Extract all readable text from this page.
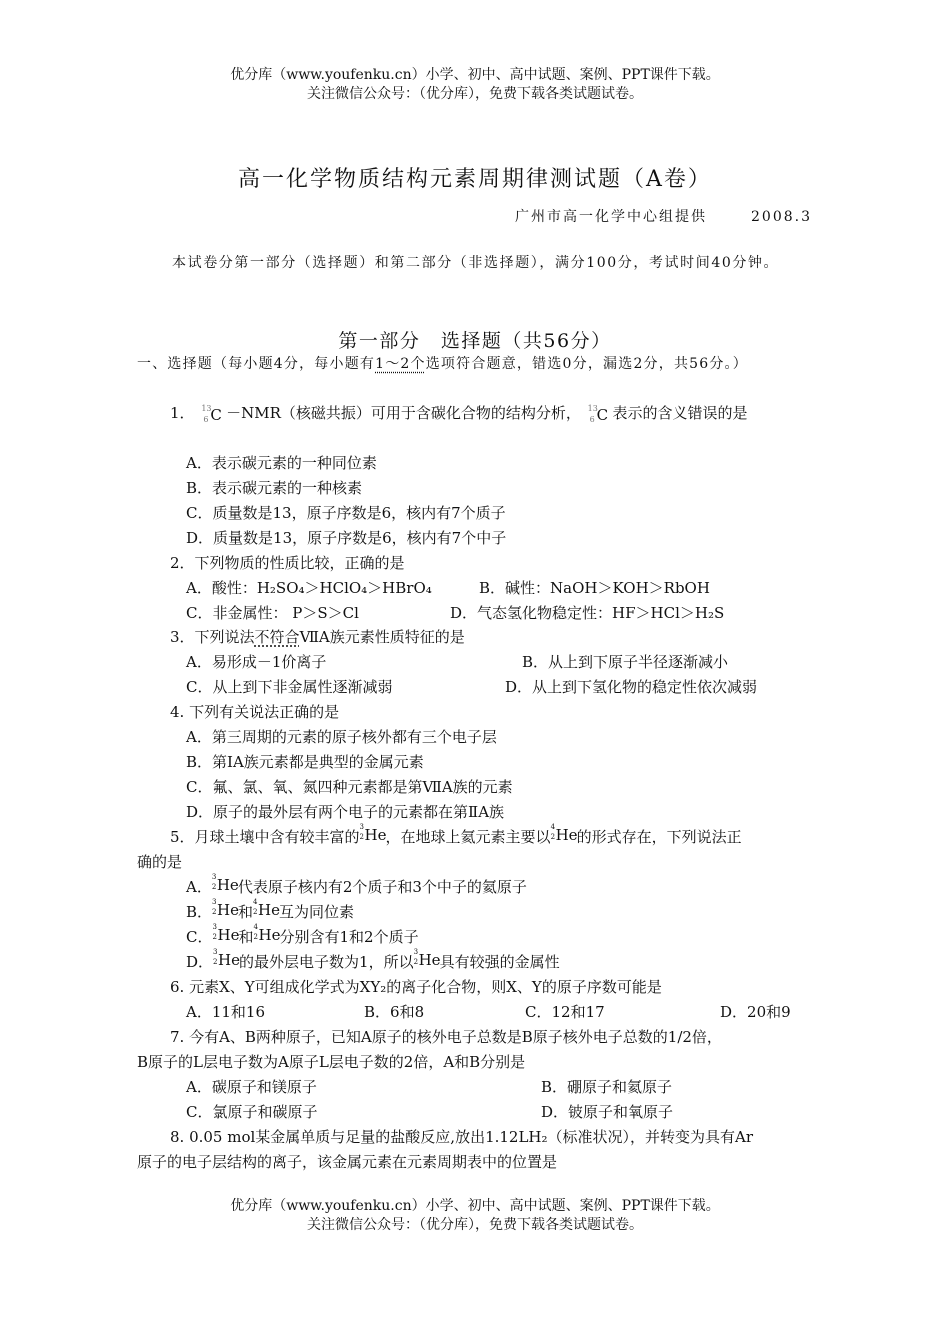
优分库（www.youfenku.cn）小学、初中、高中试题、案例、PPT课件下载。
关注微信公众号：（优分库），免费下载各类试题试卷。
高一化学物质结构元素周期律测试题（A卷）
广州市高一化学中心组提供	2008.3
本试卷分第一部分（选择题）和第二部分（非选择题），满分100分，考试时间40分钟。
第一部分　选择题（共56分）
一、选择题（每小题4分，每小题有1～2个选项符合题意，错选0分，漏选2分，共56分。）
1． 13
6 C －NMR（核磁共振）可用于含碳化合物的结构分析， 13
6 C 表示的含义错误的是
A．表示碳元素的一种同位素
B．表示碳元素的一种核素
C．质量数是13，原子序数是6，核内有7个质子
D．质量数是13，原子序数是6，核内有7个中子
2．下列物质的性质比较，正确的是
A．酸性：H₂SO₄＞HClO₄＞HBrO₄	B．碱性：NaOH＞KOH＞RbOH
C．非金属性： P＞S＞Cl	D．气态氢化物稳定性：HF＞HCl＞H₂S
3．下列说法不符合ⅦA族元素性质特征的是
A．易形成－1价离子	B．从上到下原子半径逐渐减小
C．从上到下非金属性逐渐减弱	D．从上到下氢化物的稳定性依次减弱
4. 下列有关说法正确的是
A．第三周期的元素的原子核外都有三个电子层
B．第ⅠA族元素都是典型的金属元素
C．氟、氯、氧、氮四种元素都是第ⅦA族的元素
D．原子的最外层有两个电子的元素都在第ⅡA族
5．月球土壤中含有较丰富的
3
2 He ，在地球上氦元素主要以
4
2 He 的形式存在，下列说法正
确的是
A．
3
2 He 代表原子核内有2个质子和3个中子的氦原子
B．
3
2 He 和
4
2 He 互为同位素
C．
3
2 He 和
4
2 He 分别含有1和2个质子
D．
3
2 He 的最外层电子数为1，所以
3
2 He 具有较强的金属性
6. 元素X、Y可组成化学式为XY₂的离子化合物，则X、Y的原子序数可能是
A．11和16	B．6和8	C．12和17	D．20和9
7. 今有A、B两种原子，已知A原子的核外电子总数是B原子核外电子总数的1/2倍，
B原子的L层电子数为A原子L层电子数的2倍，A和B分别是
A．碳原子和镁原子	B．硼原子和氦原子
C．氯原子和碳原子	D．铍原子和氧原子
8. 0.05 mol某金属单质与足量的盐酸反应,放出1.12LH₂（标准状况），并转变为具有Ar
原子的电子层结构的离子，该金属元素在元素周期表中的位置是
优分库（www.youfenku.cn）小学、初中、高中试题、案例、PPT课件下载。
关注微信公众号：（优分库），免费下载各类试题试卷。
